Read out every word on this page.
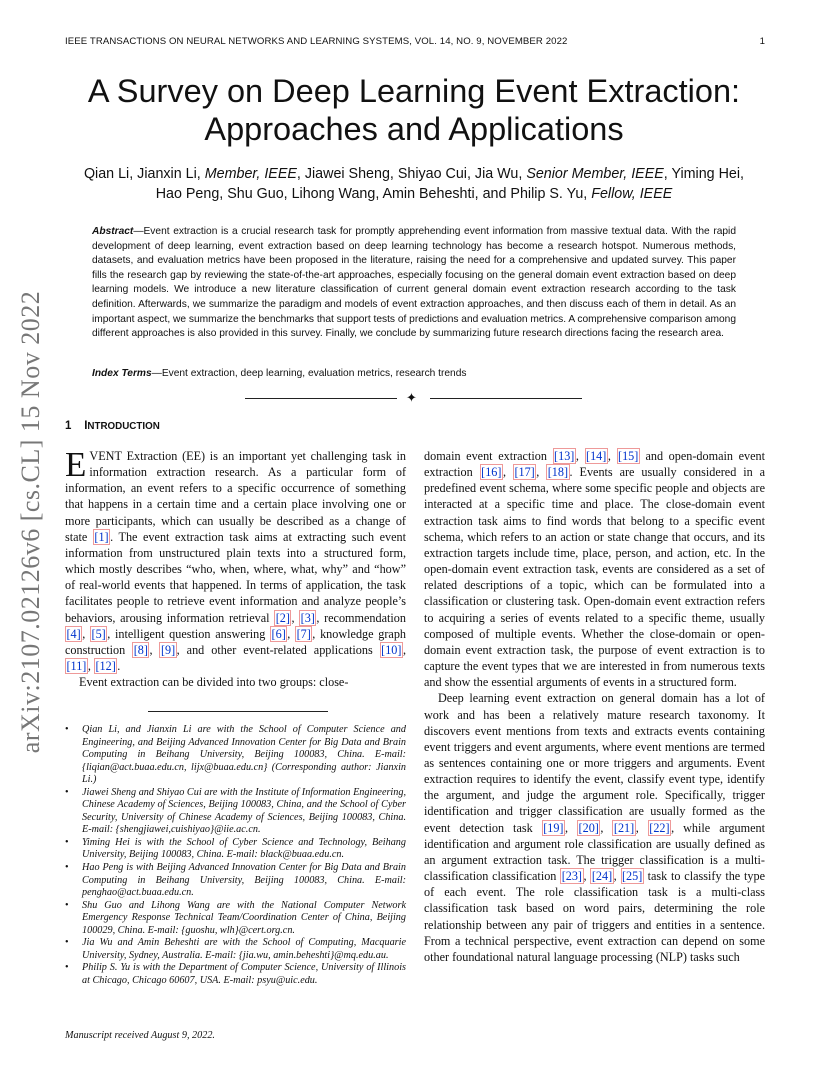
IEEE TRANSACTIONS ON NEURAL NETWORKS AND LEARNING SYSTEMS, VOL. 14, NO. 9, NOVEMBER 2022	1
arXiv:2107.02126v6 [cs.CL] 15 Nov 2022
A Survey on Deep Learning Event Extraction:
Approaches and Applications
Qian Li, Jianxin Li, Member, IEEE, Jiawei Sheng, Shiyao Cui, Jia Wu, Senior Member, IEEE, Yiming Hei,
Hao Peng, Shu Guo, Lihong Wang, Amin Beheshti, and Philip S. Yu, Fellow, IEEE
Abstract—Event extraction is a crucial research task for promptly apprehending event information from massive textual data. With the rapid development of deep learning, event extraction based on deep learning technology has become a research hotspot. Numerous methods, datasets, and evaluation metrics have been proposed in the literature, raising the need for a comprehensive and updated survey. This paper fills the research gap by reviewing the state-of-the-art approaches, especially focusing on the general domain event extraction based on deep learning models. We introduce a new literature classification of current general domain event extraction research according to the task definition. Afterwards, we summarize the paradigm and models of event extraction approaches, and then discuss each of them in detail. As an important aspect, we summarize the benchmarks that support tests of predictions and evaluation metrics. A comprehensive comparison among different approaches is also provided in this survey. Finally, we conclude by summarizing future research directions facing the research area.
Index Terms—Event extraction, deep learning, evaluation metrics, research trends
✦
1 INTRODUCTION

EVENT Extraction (EE) is an important yet challenging task in information extraction research. As a particular form of information, an event refers to a specific occurrence of something that happens in a certain time and a certain place involving one or more participants, which can usually be described as a change of state [1] . The event extraction task aims at extracting such event information from unstructured plain texts into a structured form, which mostly describes “who, when, where, what, why” and “how” of real-world events that happened. In terms of application, the task facilitates people to retrieve event information and analyze people’s behaviors, arousing information retrieval [2] , [3] , recommendation [4] , [5] , intelligent question answering [6] , [7] , knowledge graph construction [8] , [9] , and other event-related applications [10] , [11] , [12] .

Event extraction can be divided into two groups: close-

• Qian Li, and Jianxin Li are with the School of Computer Science and Engineering, and Beijing Advanced Innovation Center for Big Data and Brain Computing in Beihang University, Beijing 100083, China. E-mail: {liqian@act.buaa.edu.cn, lijx@buaa.edu.cn} (Corresponding author: Jianxin Li.)
• Jiawei Sheng and Shiyao Cui are with the Institute of Information Engineering, Chinese Academy of Sciences, Beijing 100083, China, and the School of Cyber Security, University of Chinese Academy of Sciences, Beijing 100083, China. E-mail: {shengjiawei,cuishiyao}@iie.ac.cn.
• Yiming Hei is with the School of Cyber Science and Technology, Beihang University, Beijing 100083, China. E-mail: black@buaa.edu.cn.
• Hao Peng is with Beijing Advanced Innovation Center for Big Data and Brain Computing in Beihang University, Beijing 100083, China. E-mail: penghao@act.buaa.edu.cn.
• Shu Guo and Lihong Wang are with the National Computer Network Emergency Response Technical Team/Coordination Center of China, Beijing 100029, China. E-mail: {guoshu, wlh}@cert.org.cn.
• Jia Wu and Amin Beheshti are with the School of Computing, Macquarie University, Sydney, Australia. E-mail: {jia.wu, amin.beheshti}@mq.edu.au.
• Philip S. Yu is with the Department of Computer Science, University of Illinois at Chicago, Chicago 60607, USA. E-mail: psyu@uic.edu.
Manuscript received August 9, 2022.

domain event extraction [13] , [14] , [15] and open-domain event extraction [16] , [17] , [18] . Events are usually considered in a predefined event schema, where some specific people and objects are interacted at a specific time and place. The close-domain event extraction task aims to find words that belong to a specific event schema, which refers to an action or state change that occurs, and its extraction targets include time, place, person, and action, etc. In the open-domain event extraction task, events are considered as a set of related descriptions of a topic, which can be formulated into a classification or clustering task. Open-domain event extraction refers to acquiring a series of events related to a specific theme, usually composed of multiple events. Whether the close-domain or open-domain event extraction task, the purpose of event extraction is to capture the event types that we are interested in from numerous texts and show the essential arguments of events in a structured form.

Deep learning event extraction on general domain has a lot of work and has been a relatively mature research taxonomy. It discovers event mentions from texts and extracts events containing event triggers and event arguments, where event mentions are termed as sentences containing one or more triggers and arguments. Event extraction requires to identify the event, classify event type, identify the argument, and judge the argument role. Specifically, trigger identification and trigger classification are usually formed as the event detection task [19] , [20] , [21] , [22] , while argument identification and argument role classification are usually defined as an argument extraction task. The trigger classification is a multi-classification classification [23] , [24] , [25] task to classify the type of each event. The role classification task is a multi-class classification task based on word pairs, determining the role relationship between any pair of triggers and entities in a sentence. From a technical perspective, event extraction can depend on some other foundational natural language processing (NLP) tasks such
